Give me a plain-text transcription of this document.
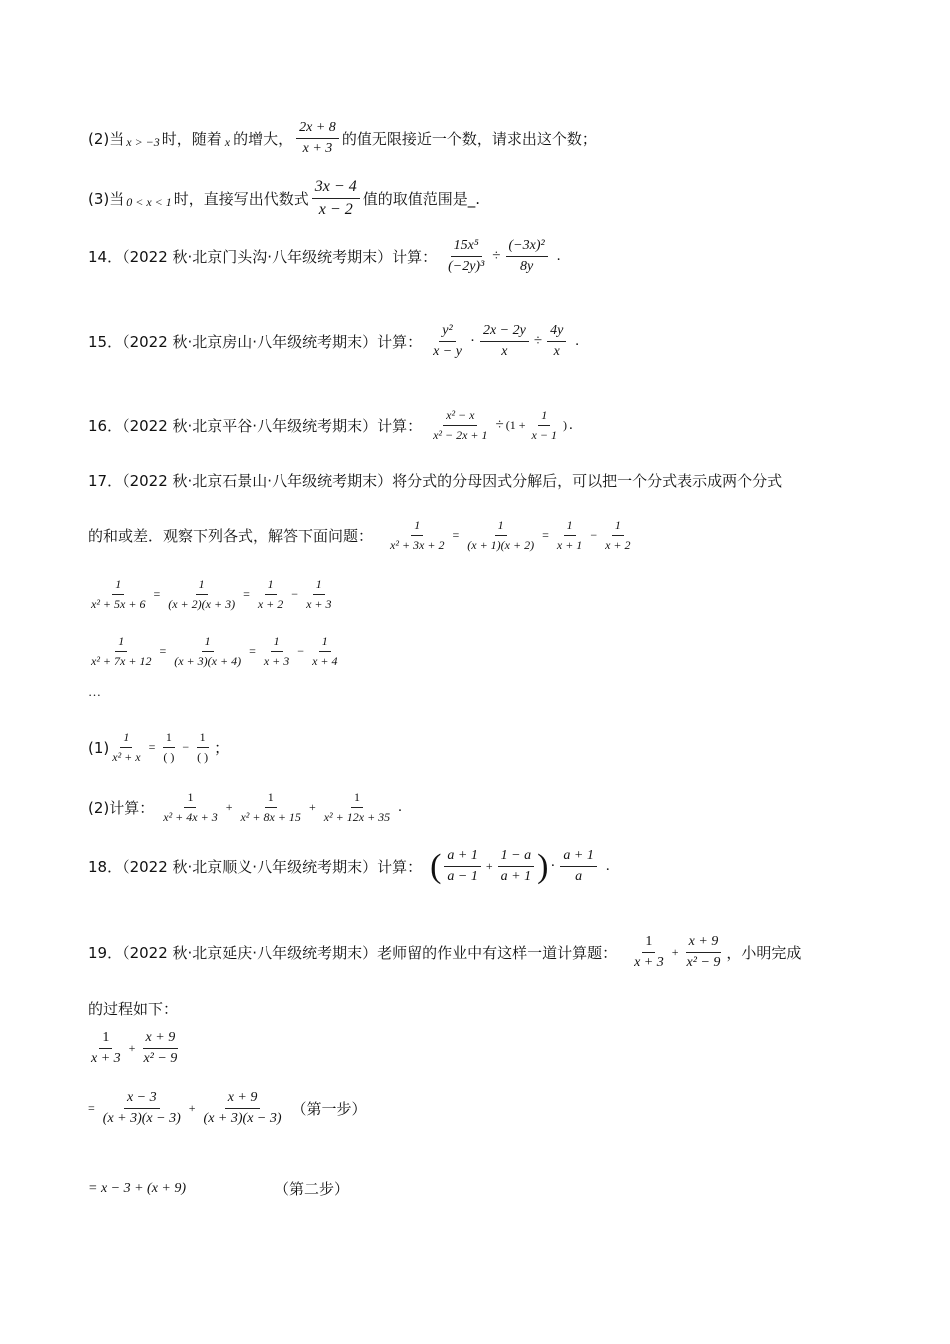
(2)当 x > −3 时，随着 x 的增大， $\frac{2x + 8}{x + 3}$ 的值无限接近一个数，请求出这个数；
(3)当 0 < x < 1 时，直接写出代数式 $\frac{3x - 4}{x - 2}$ 值的取值范围是_.
14．（2022 秋·北京门头沟·八年级统考期末）计算： $\frac{\text{15x⁵}}{\text{(−2y)³}} \div \frac{\text{(−3x)²}}{8y}$ .
15．（2022 秋·北京房山·八年级统考期末）计算： $\frac{\text{y²}}{x - y} \cdot \frac{2x - 2y}{x} \div \frac{4y}{x}$ .
16．（2022 秋·北京平谷·八年级统考期末）计算： $\frac{\text{x² − x}}{\text{x² − 2x + 1}} \div (1 + \frac{1}{x - 1}$ ) .
17．（2022 秋·北京石景山·八年级统考期末）将分式的分母因式分解后，可以把一个分式表示成两个分式
的和或差．观察下列各式，解答下面问题： $\frac{1}{\text{x² + 3x + 2}} = \frac{1}{(x + 1)(x + 2)} = \frac{1}{x + 1} - \frac{1}{x + 2}$
$\frac{1}{\text{x² + 5x + 6}} = \frac{1}{(x + 2)(x + 3)} = \frac{1}{x + 2} - \frac{1}{x + 3}$
$\frac{1}{\text{x² + 7x + 12}} = \frac{1}{(x + 3)(x + 4)} = \frac{1}{x + 3} - \frac{1}{x + 4}$
…
$(1) \frac{1}{\text{x² + x}} = \frac{1}{( )} - \frac{1}{( )}$ ；
(2)计算： $\frac{1}{\text{x² + 4x + 3}} + \frac{1}{\text{x² + 8x + 15}} + \frac{1}{\text{x² + 12x + 35}}$ .
18．（2022 秋·北京顺义·八年级统考期末）计算： ( $\frac{a + 1}{a - 1} + \frac{1 - a}{a + 1}$ ) · $\frac{a + 1}{a}$ .
19．（2022 秋·北京延庆·八年级统考期末）老师留的作业中有这样一道计算题： $\frac{1}{x + 3} + \frac{x + 9}{\text{x² − 9}}$ ，小明完成
的过程如下：
$\frac{1}{x + 3} + \frac{x + 9}{\text{x² − 9}}$
= $\frac{x - 3}{(x + 3)(x - 3)} + \frac{x + 9}{(x + 3)(x - 3)}$ （第一步）
= x − 3 + (x + 9)	（第二步）
